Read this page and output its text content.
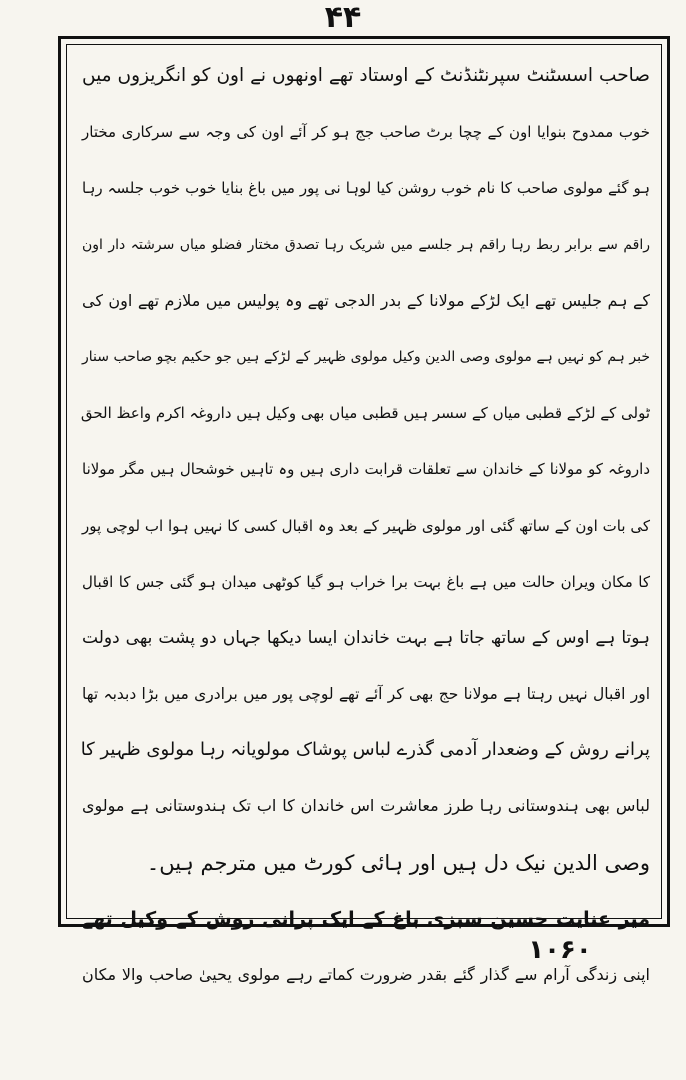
۴۴
صاحب اسسٹنٹ سپرنٹنڈنٹ کے اوستاد تھے اونھوں نے اون کو انگریزوں میں
خوب ممدوح بنوایا اون کے چچا برٹ صاحب جج ہو کر آئے اون کی وجہ سے سرکاری مختار
ہو گئے مولوی صاحب کا نام خوب روشن کیا لوہا نی پور میں باغ بنایا خوب خوب جلسہ رہا
راقم سے برابر ربط رہا راقم ہر جلسے میں شریک رہا تصدق مختار فضلو میاں سرشتہ دار اون
کے ہم جلیس تھے ایک لڑکے مولانا کے بدر الدجی تھے وہ پولیس میں ملازم تھے اون کی
خبر ہم کو نہیں ہے مولوی وصی الدین وکیل مولوی ظہیر کے لڑکے ہیں جو حکیم بچو صاحب سنار
ٹولی کے لڑکے قطبی میاں کے سسر ہیں قطبی میاں بھی وکیل ہیں داروغہ اکرم واعظ الحق
داروغہ کو مولانا کے خاندان سے تعلقات قرابت داری ہیں وہ تاہیں خوشحال ہیں مگر مولانا
کی بات اون کے ساتھ گئی اور مولوی ظہیر کے بعد وہ اقبال کسی کا نہیں ہوا اب لوچی پور
کا مکان ویران حالت میں ہے باغ بہت برا خراب ہو گیا کوٹھی میدان ہو گئی جس کا اقبال
ہوتا ہے اوس کے ساتھ جاتا ہے بہت خاندان ایسا دیکھا جہاں دو پشت بھی دولت
اور اقبال نہیں رہتا ہے مولانا حج بھی کر آئے تھے لوچی پور میں برادری میں بڑا دبدبہ تھا
پرانے روش کے وضعدار آدمی گذرے لباس پوشاک مولویانہ رہا مولوی ظہیر کا
لباس بھی ہندوستانی رہا طرز معاشرت اس خاندان کا اب تک ہندوستانی ہے مولوی
وصی الدین نیک دل ہیں اور ہائی کورٹ میں مترجم ہیں۔
میر عنایت حسین سبزی باغ کے ایک پرانی روش کے وکیل تھے
اپنی زندگی آرام سے گذار گئے بقدر ضرورت کماتے رہے مولوی یحییٰ صاحب والا مکان
۱۰۶۰
